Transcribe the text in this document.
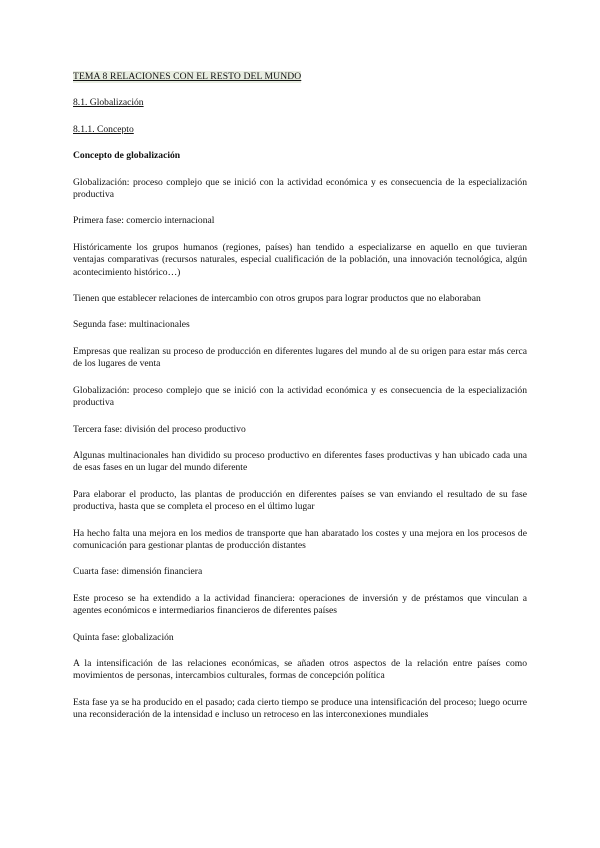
TEMA 8 RELACIONES CON EL RESTO DEL MUNDO

8.1. Globalización

8.1.1. Concepto

Concepto de globalización

Globalización: proceso complejo que se inició con la actividad económica y es consecuencia de la especialización productiva

Primera fase: comercio internacional

Históricamente los grupos humanos (regiones, países) han tendido a especializarse en aquello en que tuvieran ventajas comparativas (recursos naturales, especial cualificación de la población, una innovación tecnológica, algún acontecimiento histórico…)

Tienen que establecer relaciones de intercambio con otros grupos para lograr productos que no elaboraban

Segunda fase: multinacionales

Empresas que realizan su proceso de producción en diferentes lugares del mundo al de su origen para estar más cerca de los lugares de venta

Globalización: proceso complejo que se inició con la actividad económica y es consecuencia de la especialización productiva

Tercera fase: división del proceso productivo

Algunas multinacionales han dividido su proceso productivo en diferentes fases productivas y han ubicado cada una de esas fases en un lugar del mundo diferente

Para elaborar el producto, las plantas de producción en diferentes países se van enviando el resultado de su fase productiva, hasta que se completa el proceso en el último lugar

Ha hecho falta una mejora en los medios de transporte que han abaratado los costes y una mejora en los procesos de comunicación para gestionar plantas de producción distantes

Cuarta fase: dimensión financiera

Este proceso se ha extendido a la actividad financiera: operaciones de inversión y de préstamos que vinculan a agentes económicos e intermediarios financieros de diferentes países

Quinta fase: globalización

A la intensificación de las relaciones económicas, se añaden otros aspectos de la relación entre países como movimientos de personas, intercambios culturales, formas de concepción política

Esta fase ya se ha producido en el pasado; cada cierto tiempo se produce una intensificación del proceso; luego ocurre una reconsideración de la intensidad e incluso un retroceso en las interconexiones mundiales
